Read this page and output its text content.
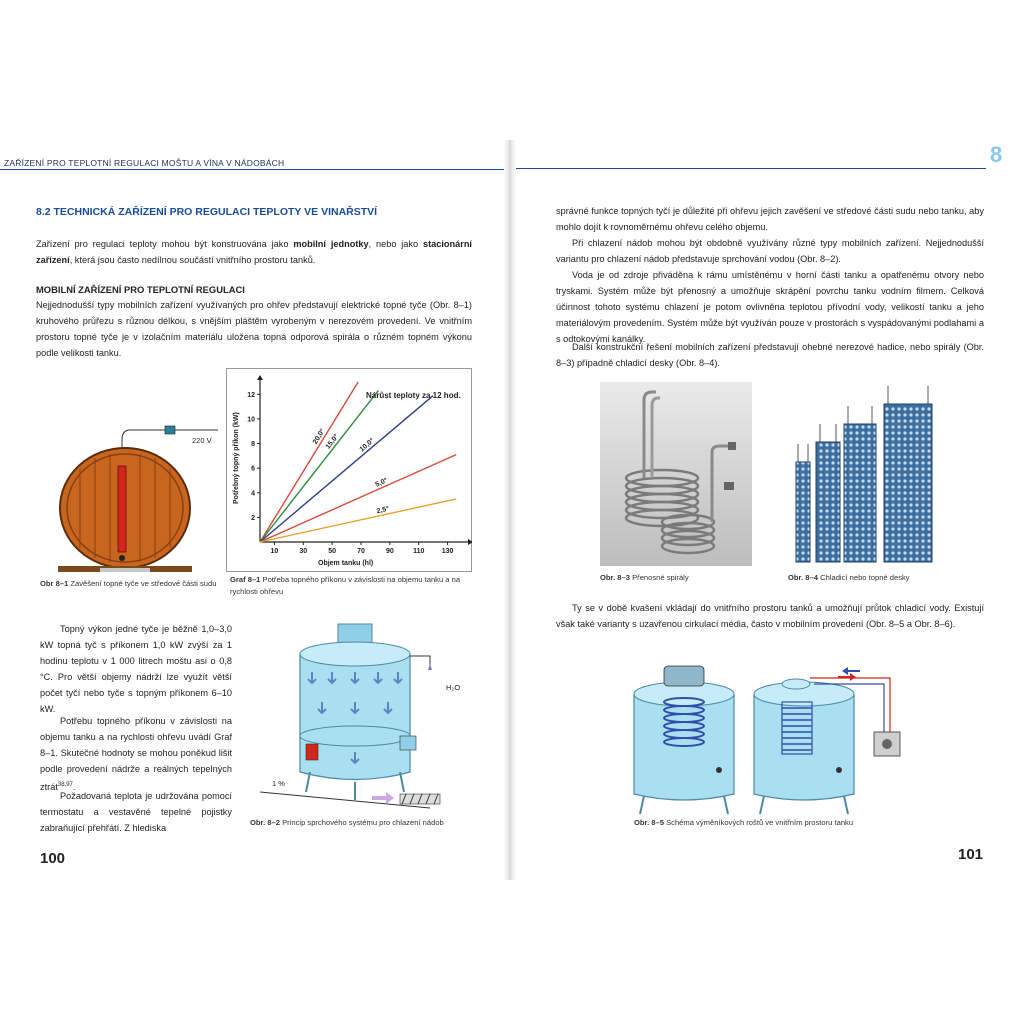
ZAŘÍZENÍ PRO TEPLOTNÍ REGULACI MOŠTU A VÍNA V NÁDOBÁCH	8
8.2 TECHNICKÁ ZAŘÍZENÍ PRO REGULACI TEPLOTY VE VINAŘSTVÍ
Zařízení pro regulaci teploty mohou být konstruována jako mobilní jednotky, nebo jako stacionární zařízení, která jsou často nedílnou součástí vnitřního prostoru tanků.
MOBILNÍ ZAŘÍZENÍ PRO TEPLOTNÍ REGULACI
Nejjednodušší typy mobilních zařízení využívaných pro ohřev představují elektrické topné tyče (Obr. 8–1) kruhového průřezu s různou délkou, s vnějším pláštěm vyrobeným v nerezovém provedení. Ve vnitřním prostoru topné tyče je v izolačním materiálu uložena topná odporová spirála o různém topném výkonu podle velikosti tanku.
220 V
Obr 8–1 Zavěšení topné tyče ve středové části sudu
10	30	50	70	90	110 130
2
4
6
8
10
12
20,0°
15,0°	10,0°
5,0°
2,5°
Nárůst teploty za 12 hod.
Potřebný topný příkon (kW)
Objem tanku (hl)
Graf 8–1 Potřeba topného příkonu v závislosti na objemu tanku a na rychlosti ohřevu
Topný výkon jedné tyče je běžně 1,0–3,0 kW topná tyč s příkonem 1,0 kW zvýší za 1 hodinu teplotu v 1 000 litrech moštu asi o 0,8 °C. Pro větší objemy nádrží lze využít větší počet tyčí nebo tyče s topným příkonem 6–10 kW.
Potřebu topného příkonu v závislosti na objemu tanku a na rychlosti ohřevu uvádí Graf 8–1. Skutečné hodnoty se mohou poněkud lišit podle provedení nádrže a reálných tepelných ztrát$^{38,97}$.
Požadovaná teplota je udržována pomocí termostatu a vestavěné tepelné pojistky zabraňující přehřátí. Z hlediska
H₂O
1 %
Obr. 8–2 Princip sprchového systému pro chlazení nádob
100
správné funkce topných tyčí je důležité při ohřevu jejich zavěšení ve středové části sudu nebo tanku, aby mohlo dojít k rovnoměrnému ohřevu celého objemu.
Při chlazení nádob mohou být obdobně využívány různé typy mobilních zařízení. Nejjednodušší variantu pro chlazení nádob představuje sprchování vodou (Obr. 8–2).
Voda je od zdroje přiváděna k rámu umístěnému v horní části tanku a opatřenému otvory nebo tryskami. Systém může být přenosný a umožňuje skrápění povrchu tanku vodním filmem. Celková účinnost tohoto systému chlazení je potom ovlivněna teplotou přívodní vody, velikostí tanku a jeho materiálovým provedením. Systém může být využíván pouze v prostorách s vyspádovanými podlahami a s odtokovými kanálky.
Další konstrukční řešení mobilních zařízení představují ohebné nerezové hadice, nebo spirály (Obr. 8–3) případně chladicí desky (Obr. 8–4).
Obr. 8–3 Přenosné spirály	Obr. 8–4 Chladicí nebo topné desky
Ty se v době kvašení vkládají do vnitřního prostoru tanků a umožňují průtok chladicí vody. Existují však také varianty s uzavřenou cirkulací média, často v mobilním provedení (Obr. 8–5 a Obr. 8–6).
Obr. 8–5 Schéma výměníkových roštů ve vnitřním prostoru tanku
101
